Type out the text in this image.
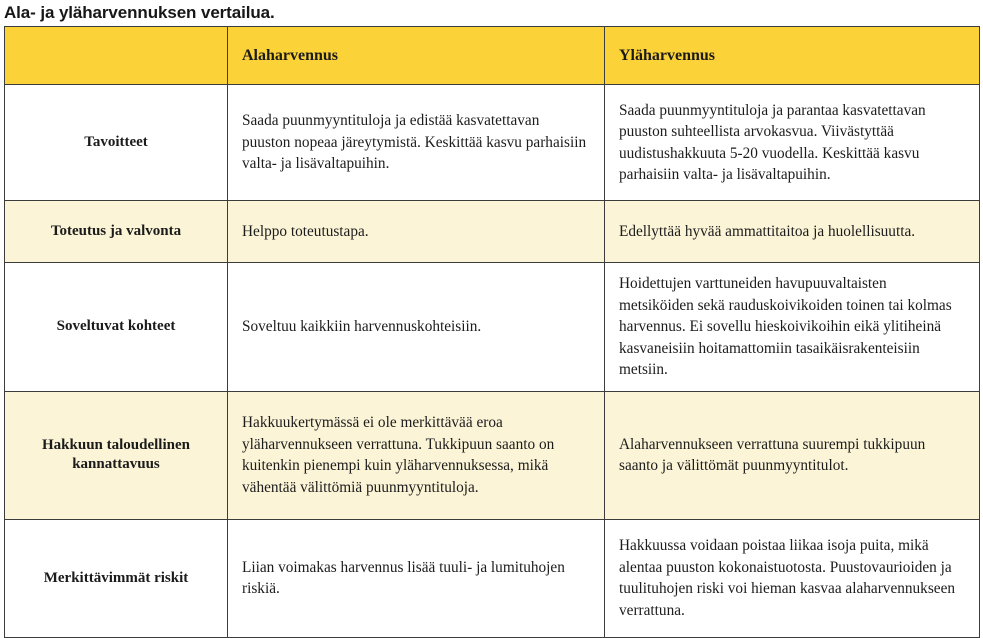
Ala- ja yläharvennuksen vertailua.
	Alaharvennus	Yläharvennus
Tavoitteet	Saada puunmyyntituloja ja edistää kasvatettavan puuston nopeaa järeytymistä. Keskittää kasvu parhaisiin valta- ja lisävaltapuihin.	Saada puunmyyntituloja ja parantaa kasvatettavan puuston suhteellista arvokasvua. Viivästyttää uudistushakkuuta 5-20 vuodella. Keskittää kasvu parhaisiin valta- ja lisävaltapuihin.

Toteutus ja valvonta	Helppo toteutustapa.	Edellyttää hyvää ammattitaitoa ja huolellisuutta.

Soveltuvat kohteet	Soveltuu kaikkiin harvennuskohteisiin.	Hoidettujen varttuneiden havupuuvaltaisten metsiköiden sekä rauduskoivikoiden toinen tai kolmas harvennus. Ei sovellu hieskoivikoihin eikä ylitiheinä kasvaneisiin hoitamattomiin tasaikäisrakenteisiin metsiin.

Hakkuun taloudellinen kannattavuus	Hakkuukertymässä ei ole merkittävää eroa yläharvennukseen verrattuna. Tukkipuun saanto on kuitenkin pienempi kuin yläharvennuksessa, mikä vähentää välittömiä puunmyyntituloja.	Alaharvennukseen verrattuna suurempi tukkipuun saanto ja välittömät puunmyyntitulot.

Merkittävimmät riskit	Liian voimakas harvennus lisää tuuli- ja lumituhojen riskiä.	Hakkuussa voidaan poistaa liikaa isoja puita, mikä alentaa puuston kokonaistuotosta. Puustovaurioiden ja tuulituhojen riski voi hieman kasvaa alaharvennukseen verrattuna.
